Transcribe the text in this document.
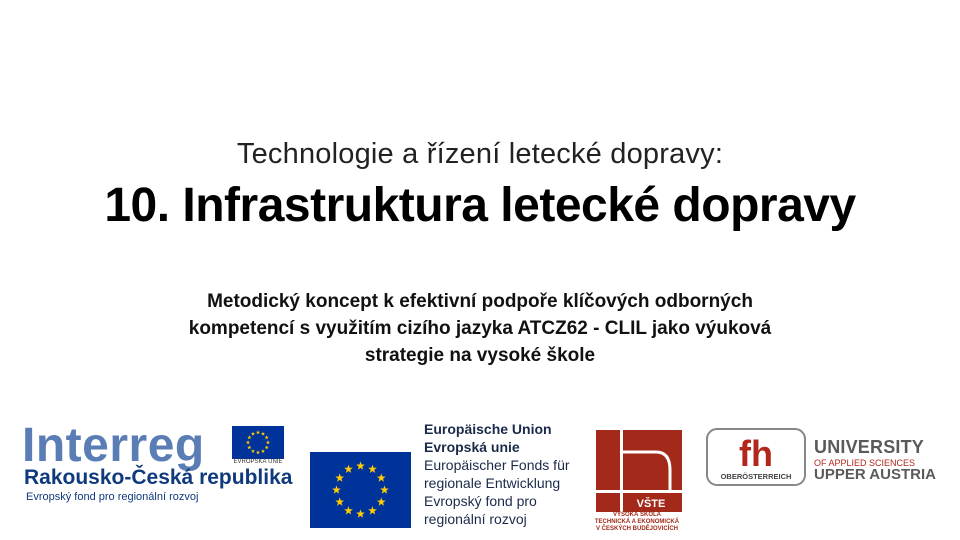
Technologie a řízení letecké dopravy:
10. Infrastruktura letecké dopravy
Metodický koncept k efektivní podpoře klíčových odborných
kompetencí s využitím cizího jazyka ATCZ62 - CLIL jako výuková
strategie na vysoké škole
Interreg	EVROPSKÁ UNIE
Rakousko-Česká republika
Evropský fond pro regionální rozvoj
Europäische Union
Evropská unie
Europäischer Fonds für
regionale Entwicklung
Evropský fond pro
regionální rozvoj
VŠTE
VYSOKÁ ŠKOLA
TECHNICKÁ A EKONOMICKÁ
V ČESKÝCH BUDĚJOVICÍCH
fh
OBERÖSTERREICH
UNIVERSITY
OF APPLIED SCIENCES
UPPER AUSTRIA
